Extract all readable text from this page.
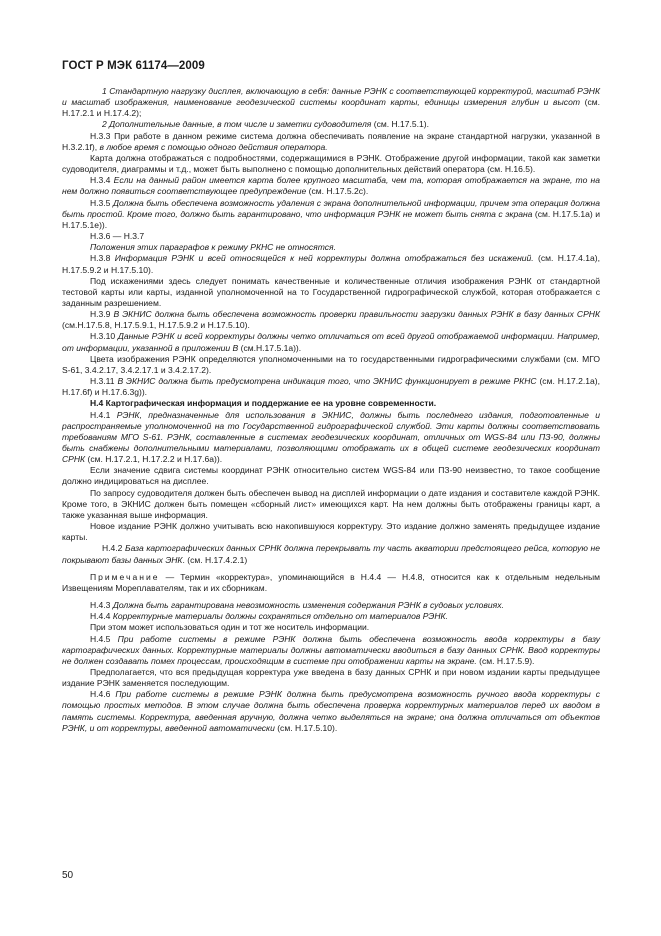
ГОСТ Р МЭК 61174—2009

1 Стандартную нагрузку дисплея, включающую в себя: данные РЭНК с соответствующей корректурой, масштаб РЭНК и масштаб изображения, наименование геодезической системы координат карты, единицы измерения глубин и высот (см. Н.17.2.1 и Н.17.4.2);

2 Дополнительные данные, в том числе и заметки судоводителя (см. Н.17.5.1).

Н.3.3 При работе в данном режиме система должна обеспечивать появление на экране стандартной нагрузки, указанной в Н.3.2.1f), в любое время с помощью одного действия оператора.

Карта должна отображаться с подробностями, содержащимися в РЭНК. Отображение другой информации, такой как заметки судоводителя, диаграммы и т.д., может быть выполнено с помощью дополнительных действий оператора (см. Н.16.5).

Н.3.4 Если на данный район имеется карта более крупного масштаба, чем та, которая отображается на экране, то на нем должно появиться соответствующее предупреждение (см. Н.17.5.2с).

Н.3.5 Должна быть обеспечена возможность удаления с экрана дополнительной информации, причем эта операция должна быть простой. Кроме того, должно быть гарантировано, что информация РЭНК не может быть снята с экрана (см. Н.17.5.1а) и Н.17.5.1е)).

Н.3.6 — Н.3.7

Положения этих параграфов к режиму РКНС не относятся.

Н.3.8 Информация РЭНК и всей относящейся к ней корректуры должна отображаться без искажений. (см. Н.17.4.1а), Н.17.5.9.2 и Н.17.5.10).

Под искажениями здесь следует понимать качественные и количественные отличия изображения РЭНК от стандартной тестовой карты или карты, изданной уполномоченной на то Государственной гидрографической службой, которая отображается с заданным разрешением.

Н.3.9 В ЭКНИС должна быть обеспечена возможность проверки правильности загрузки данных РЭНК в базу данных СРНК (см.Н.17.5.8, Н.17.5.9.1, Н.17.5.9.2 и Н.17.5.10).

Н.3.10 Данные РЭНК и всей корректуры должны четко отличаться от всей другой отображаемой информации. Например, от информации, указанной в приложении В (см.Н.17.5.1а)).

Цвета изображения РЭНК определяются уполномоченными на то государственными гидрографическими службами (см. МГО S-61, 3.4.2.17, 3.4.2.17.1 и 3.4.2.17.2).

Н.3.11 В ЭКНИС должна быть предусмотрена индикация того, что ЭКНИС функционирует в режиме РКНС (см. Н.17.2.1а), Н.17.6f) и Н.17.6.3g)).

Н.4 Картографическая информация и поддержание ее на уровне современности.

Н.4.1 РЭНК, предназначенные для использования в ЭКНИС, должны быть последнего издания, подготовленные и распространяемые уполномоченной на то Государственной гидрографической службой. Эти карты должны соответствовать требованиям МГО S-61. РЭНК, составленные в системах геодезических координат, отличных от WGS-84 или ПЗ-90, должны быть снабжены дополнительными материалами, позволяющими отображать их в общей системе геодезических координат СРНК (см. Н.17.2.1, Н.17.2.2 и Н.17.6а)).

Если значение сдвига системы координат РЭНК относительно систем WGS-84 или ПЗ-90 неизвестно, то такое сообщение должно индицироваться на дисплее.

По запросу судоводителя должен быть обеспечен вывод на дисплей информации о дате издания и составителе каждой РЭНК. Кроме того, в ЭКНИС должен быть помещен «сборный лист» имеющихся карт. На нем должны быть отображены границы карт, а также указанная выше информация.

Новое издание РЭНК должно учитывать всю накопившуюся корректуру. Это издание должно заменять предыдущее издание карты.

Н.4.2 База картографических данных СРНК должна перекрывать ту часть акватории предстоящего рейса, которую не покрывают базы данных ЭНК. (см. Н.17.4.2.1)

Примечание — Термин «корректура», упоминающийся в Н.4.4 — Н.4.8, относится как к отдельным недельным Извещениям Мореплавателям, так и их сборникам.

Н.4.3 Должна быть гарантирована невозможность изменения содержания РЭНК в судовых условиях.

Н.4.4 Корректурные материалы должны сохраняться отдельно от материалов РЭНК.

При этом может использоваться один и тот же носитель информации.

Н.4.5 При работе системы в режиме РЭНК должна быть обеспечена возможность ввода корректуры в базу картографических данных. Корректурные материалы должны автоматически вводиться в базу данных СРНК. Ввод корректуры не должен создавать помех процессам, происходящим в системе при отображении карты на экране. (см. Н.17.5.9).

Предполагается, что вся предыдущая корректура уже введена в базу данных СРНК и при новом издании карты предыдущее издание РЭНК заменяется последующим.

Н.4.6 При работе системы в режиме РЭНК должна быть предусмотрена возможность ручного ввода корректуры с помощью простых методов. В этом случае должна быть обеспечена проверка корректурных материалов перед их вводом в память системы. Корректура, введенная вручную, должна четко выделяться на экране; она должна отличаться от объектов РЭНК, и от корректуры, введенной автоматически (см. Н.17.5.10).

50
